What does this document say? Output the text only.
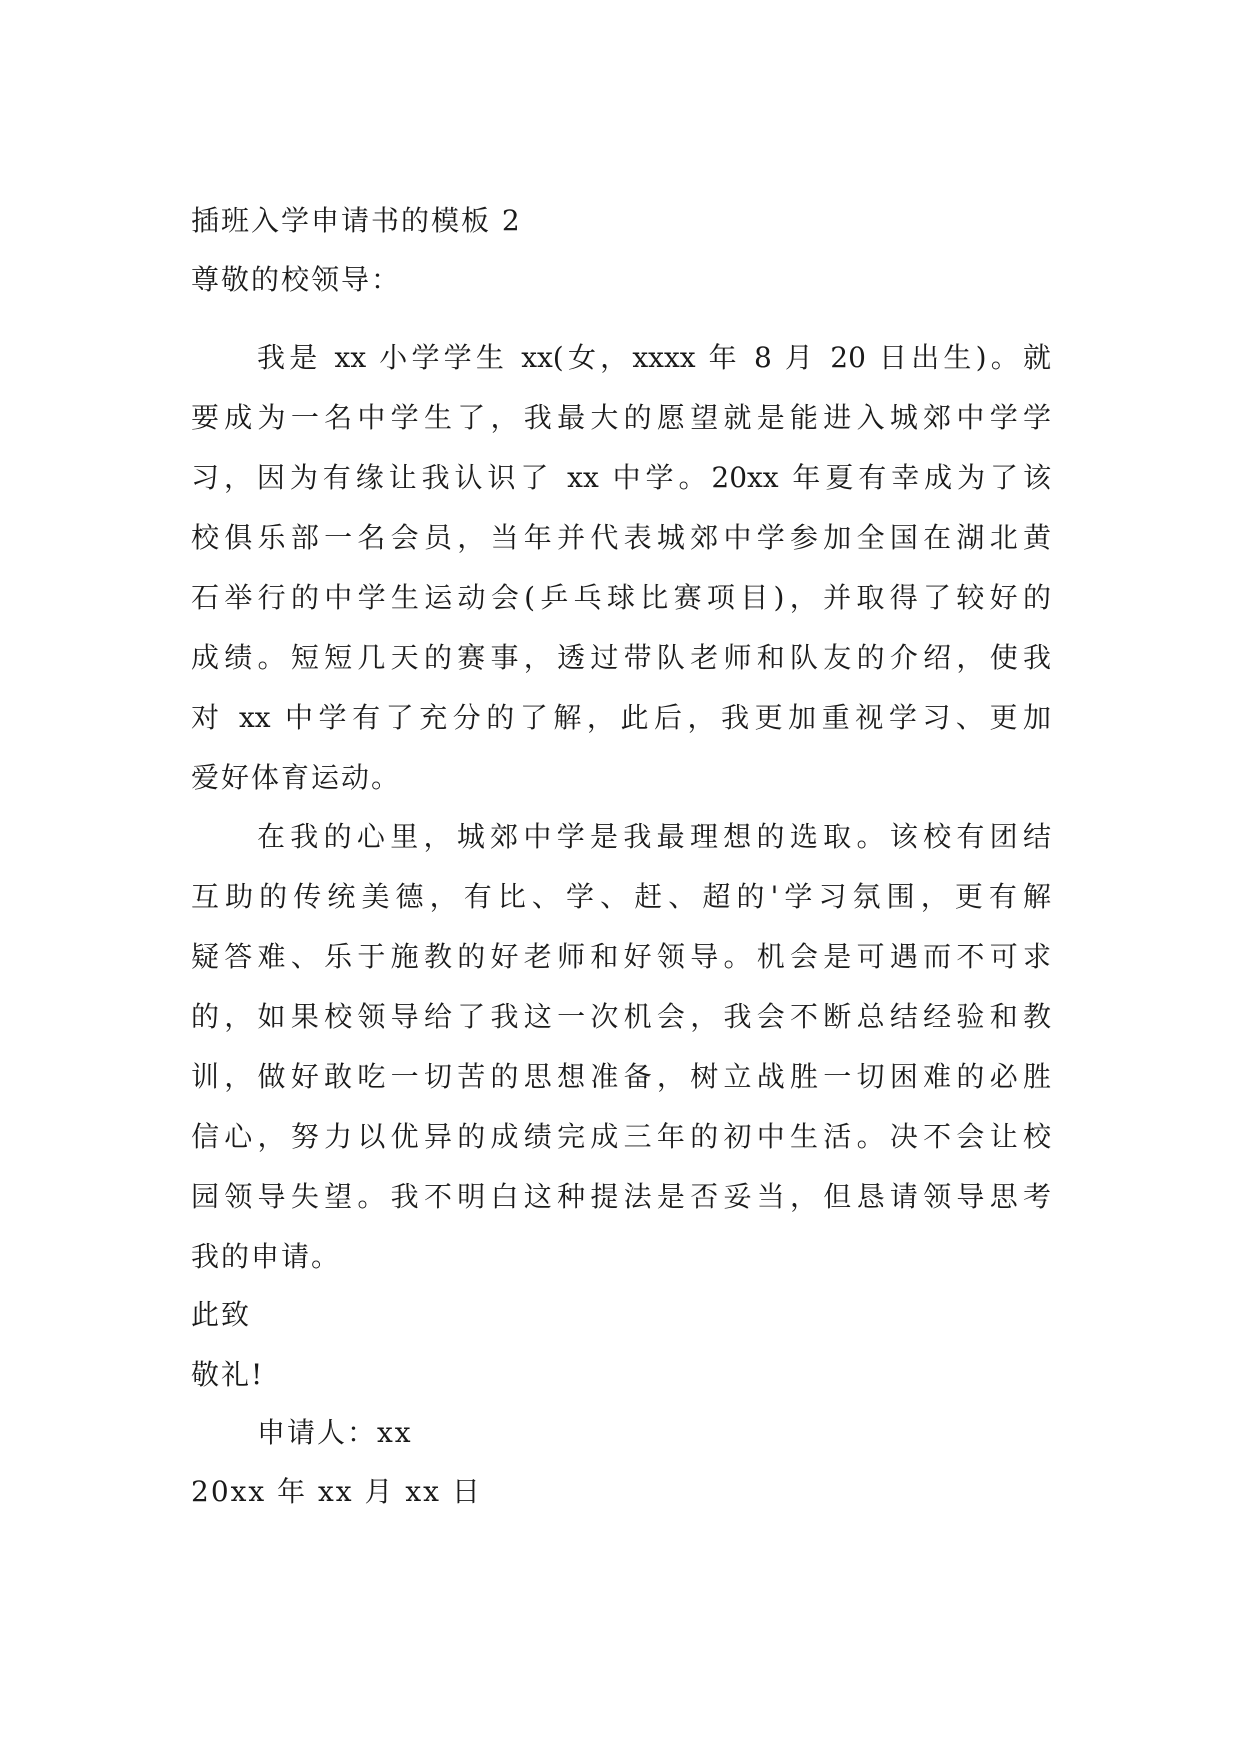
插班入学申请书的模板 2
尊敬的校领导：
我是 xx 小学学生 xx(女，xxxx 年 8 月 20 日出生)。就
要成为一名中学生了，我最大的愿望就是能进入城郊中学学
习，因为有缘让我认识了 xx 中学。20xx 年夏有幸成为了该
校俱乐部一名会员，当年并代表城郊中学参加全国在湖北黄
石举行的中学生运动会(乒乓球比赛项目)，并取得了较好的
成绩。短短几天的赛事，透过带队老师和队友的介绍，使我
对 xx 中学有了充分的了解，此后，我更加重视学习、更加
爱好体育运动。
在我的心里，城郊中学是我最理想的选取。该校有团结
互助的传统美德，有比、学、赶、超的'学习氛围，更有解
疑答难、乐于施教的好老师和好领导。机会是可遇而不可求
的，如果校领导给了我这一次机会，我会不断总结经验和教
训，做好敢吃一切苦的思想准备，树立战胜一切困难的必胜
信心，努力以优异的成绩完成三年的初中生活。决不会让校
园领导失望。我不明白这种提法是否妥当，但恳请领导思考
我的申请。
此致
敬礼!
申请人：xx
20xx 年 xx 月 xx 日
